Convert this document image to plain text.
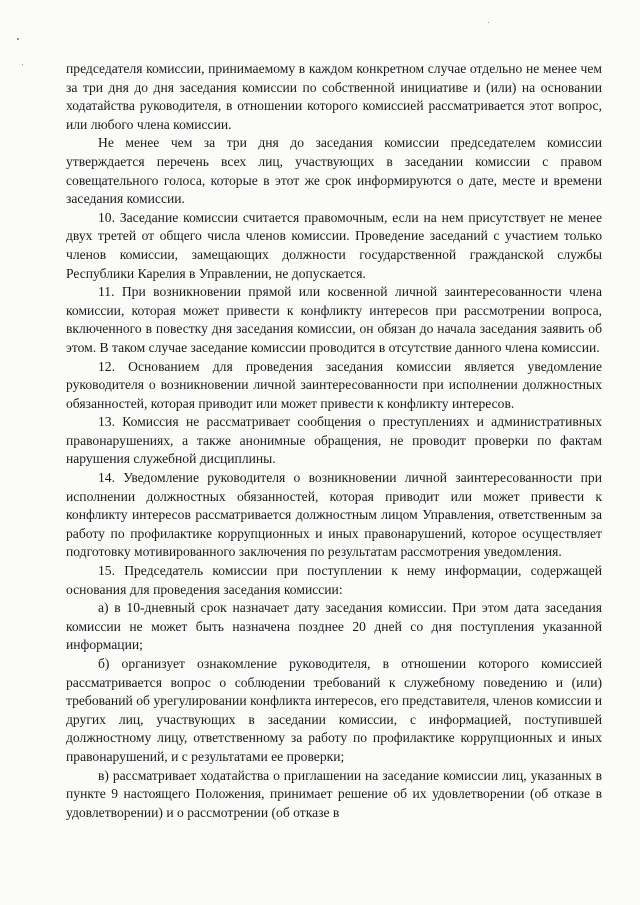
председателя комиссии, принимаемому в каждом конкретном случае отдельно не менее чем за три дня до дня заседания комиссии по собственной инициативе и (или) на основании ходатайства руководителя, в отношении которого комиссией рассматривается этот вопрос, или любого члена комиссии.

Не менее чем за три дня до заседания комиссии председателем комиссии утверждается перечень всех лиц, участвующих в заседании комиссии с правом совещательного голоса, которые в этот же срок информируются о дате, месте и времени заседания комиссии.

10. Заседание комиссии считается правомочным, если на нем присутствует не менее двух третей от общего числа членов комиссии. Проведение заседаний с участием только членов комиссии, замещающих должности государственной гражданской службы Республики Карелия в Управлении, не допускается.

11. При возникновении прямой или косвенной личной заинтересованности члена комиссии, которая может привести к конфликту интересов при рассмотрении вопроса, включенного в повестку дня заседания комиссии, он обязан до начала заседания заявить об этом. В таком случае заседание комиссии проводится в отсутствие данного члена комиссии.

12. Основанием для проведения заседания комиссии является уведомление руководителя о возникновении личной заинтересованности при исполнении должностных обязанностей, которая приводит или может привести к конфликту интересов.

13. Комиссия не рассматривает сообщения о преступлениях и административных правонарушениях, а также анонимные обращения, не проводит проверки по фактам нарушения служебной дисциплины.

14. Уведомление руководителя о возникновении личной заинтересованности при исполнении должностных обязанностей, которая приводит или может привести к конфликту интересов рассматривается должностным лицом Управления, ответственным за работу по профилактике коррупционных и иных правонарушений, которое осуществляет подготовку мотивированного заключения по результатам рассмотрения уведомления.

15. Председатель комиссии при поступлении к нему информации, содержащей основания для проведения заседания комиссии:

а) в 10-дневный срок назначает дату заседания комиссии. При этом дата заседания комиссии не может быть назначена позднее 20 дней со дня поступления указанной информации;

б) организует ознакомление руководителя, в отношении которого комиссией рассматривается вопрос о соблюдении требований к служебному поведению и (или) требований об урегулировании конфликта интересов, его представителя, членов комиссии и других лиц, участвующих в заседании комиссии, с информацией, поступившей должностному лицу, ответственному за работу по профилактике коррупционных и иных правонарушений, и с результатами ее проверки;

в) рассматривает ходатайства о приглашении на заседание комиссии лиц, указанных в пункте 9 настоящего Положения, принимает решение об их удовлетворении (об отказе в удовлетворении) и о рассмотрении (об отказе в
